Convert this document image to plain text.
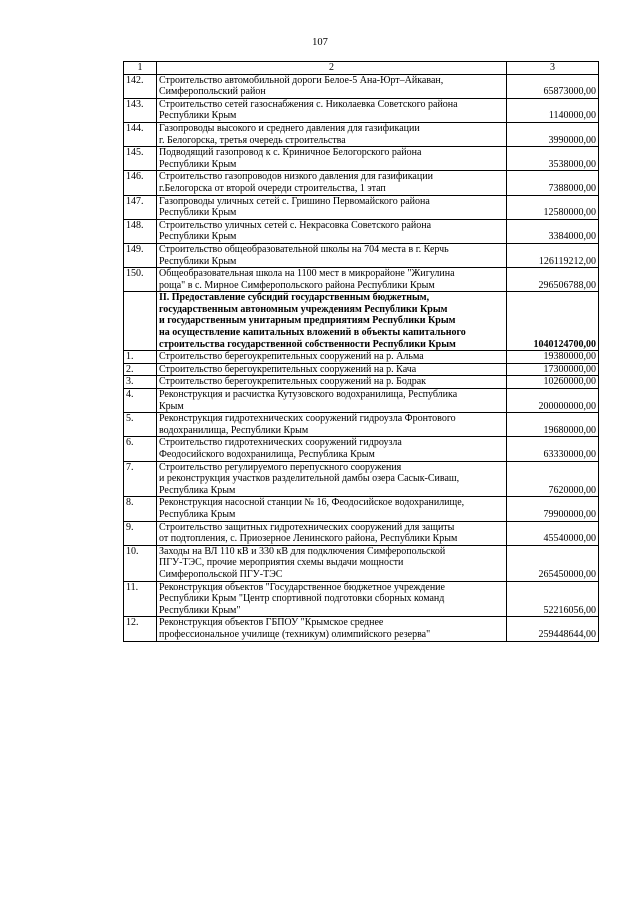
107
1	2	3
142.	Строительство автомобильной дороги Белое-5 Ана-Юрт–Айкаван,
Симферопольский район	65873000,00
143.	Строительство сетей газоснабжения с. Николаевка Советского района
Республики Крым	1140000,00
144.	Газопроводы высокого и среднего давления для газификации
г. Белогорска, третья очередь строительства	3990000,00
145.	Подводящий газопровод к с. Криничное Белогорского района
Республики Крым	3538000,00
146.	Строительство газопроводов низкого давления для газификации
г.Белогорска от второй очереди строительства, 1 этап	7388000,00
147.	Газопроводы уличных сетей с. Гришино Первомайского района
Республики Крым	12580000,00
148.	Строительство уличных сетей с. Некрасовка Советского района
Республики Крым	3384000,00
149.	Строительство общеобразовательной школы на 704 места в г. Керчь
Республики Крым	126119212,00
150.	Общеобразовательная школа на 1100 мест в микрорайоне "Жигулина
роща" в с. Мирное Симферопольского района Республики Крым	296506788,00

	II. Предоставление субсидий государственным бюджетным,
государственным автономным учреждениям Республики Крым
и государственным унитарным предприятиям Республики Крым
на осуществление капитальных вложений в объекты капитального
строительства государственной собственности Республики Крым	1040124700,00
1.	Строительство берегоукрепительных сооружений на р. Альма	19380000,00
2.	Строительство берегоукрепительных сооружений на р. Кача	17300000,00
3.	Строительство берегоукрепительных сооружений на р. Бодрак	10260000,00
4.	Реконструкция и расчистка Кутузовского водохранилища, Республика
Крым	200000000,00
5.	Реконструкция гидротехнических сооружений гидроузла Фронтового
водохранилища, Республики Крым	19680000,00
6.	Строительство гидротехнических сооружений гидроузла
Феодосийского водохранилища, Республика Крым	63330000,00
7.	Строительство регулируемого перепускного сооружения
и реконструкция участков разделительной дамбы озера Сасык-Сиваш,
Республика Крым	7620000,00
8.	Реконструкция насосной станции № 16, Феодосийское водохранилище,
Республика Крым	79900000,00
9.	Строительство защитных гидротехнических сооружений для защиты
от подтопления, с. Приозерное Ленинского района, Республики Крым	45540000,00
10.	Заходы на ВЛ 110 кВ и 330 кВ для подключения Симферопольской
ПГУ-ТЭС, прочие мероприятия схемы выдачи мощности
Симферопольской ПГУ-ТЭС	265450000,00
11.	Реконструкция объектов "Государственное бюджетное учреждение
Республики Крым "Центр спортивной подготовки сборных команд
Республики Крым"	52216056,00
12.	Реконструкция объектов ГБПОУ "Крымское среднее
профессиональное училище (техникум) олимпийского резерва"	259448644,00
